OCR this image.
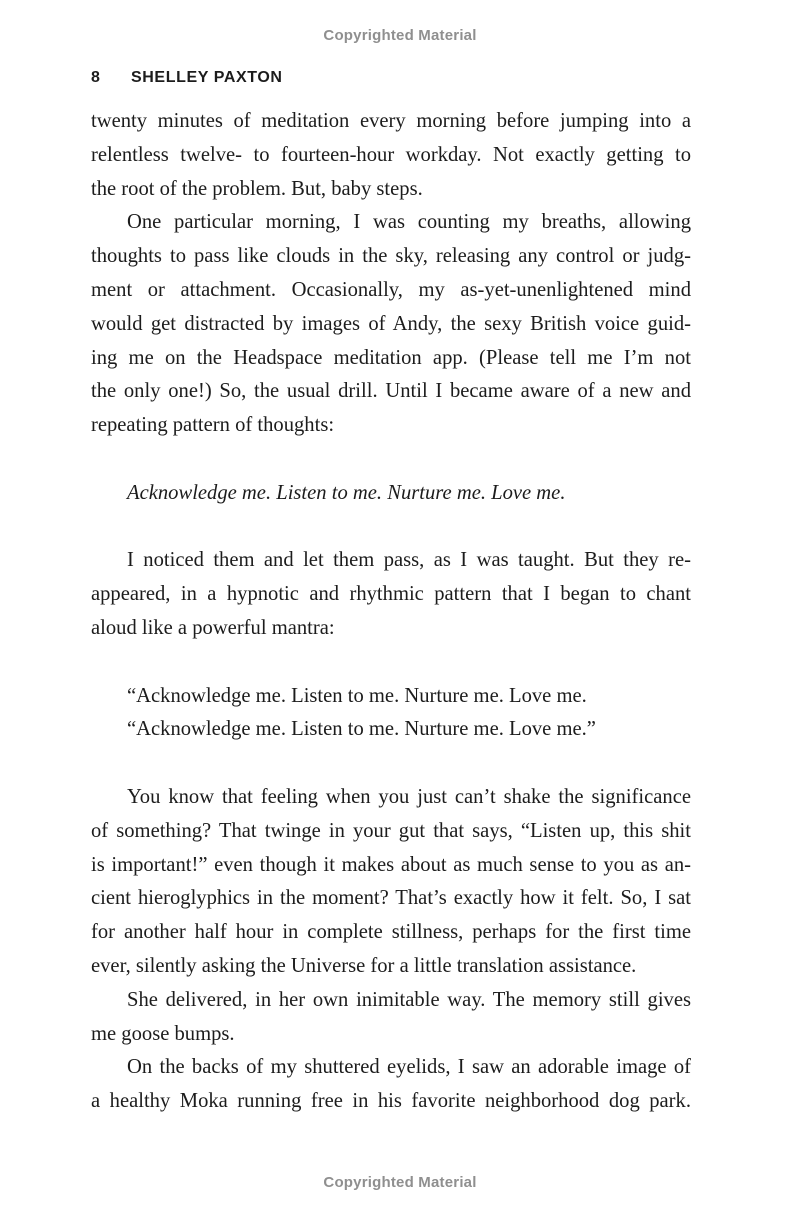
Copyrighted Material
8 SHELLEY PAXTON
twenty minutes of meditation every morning before jumping into a
relentless twelve- to fourteen-hour workday. Not exactly getting to
the root of the problem. But, baby steps.
One particular morning, I was counting my breaths, allowing
thoughts to pass like clouds in the sky, releasing any control or judg-
ment or attachment. Occasionally, my as-yet-unenlightened mind
would get distracted by images of Andy, the sexy British voice guid-
ing me on the Headspace meditation app. (Please tell me I’m not
the only one!) So, the usual drill. Until I became aware of a new and
repeating pattern of thoughts:
Acknowledge me. Listen to me. Nurture me. Love me.
I noticed them and let them pass, as I was taught. But they re-
appeared, in a hypnotic and rhythmic pattern that I began to chant
aloud like a powerful mantra:
“Acknowledge me. Listen to me. Nurture me. Love me.
“Acknowledge me. Listen to me. Nurture me. Love me.”
You know that feeling when you just can’t shake the significance
of something? That twinge in your gut that says, “Listen up, this shit
is important!” even though it makes about as much sense to you as an-
cient hieroglyphics in the moment? That’s exactly how it felt. So, I sat
for another half hour in complete stillness, perhaps for the first time
ever, silently asking the Universe for a little translation assistance.
She delivered, in her own inimitable way. The memory still gives
me goose bumps.
On the backs of my shuttered eyelids, I saw an adorable image of
a healthy Moka running free in his favorite neighborhood dog park.
Copyrighted Material
